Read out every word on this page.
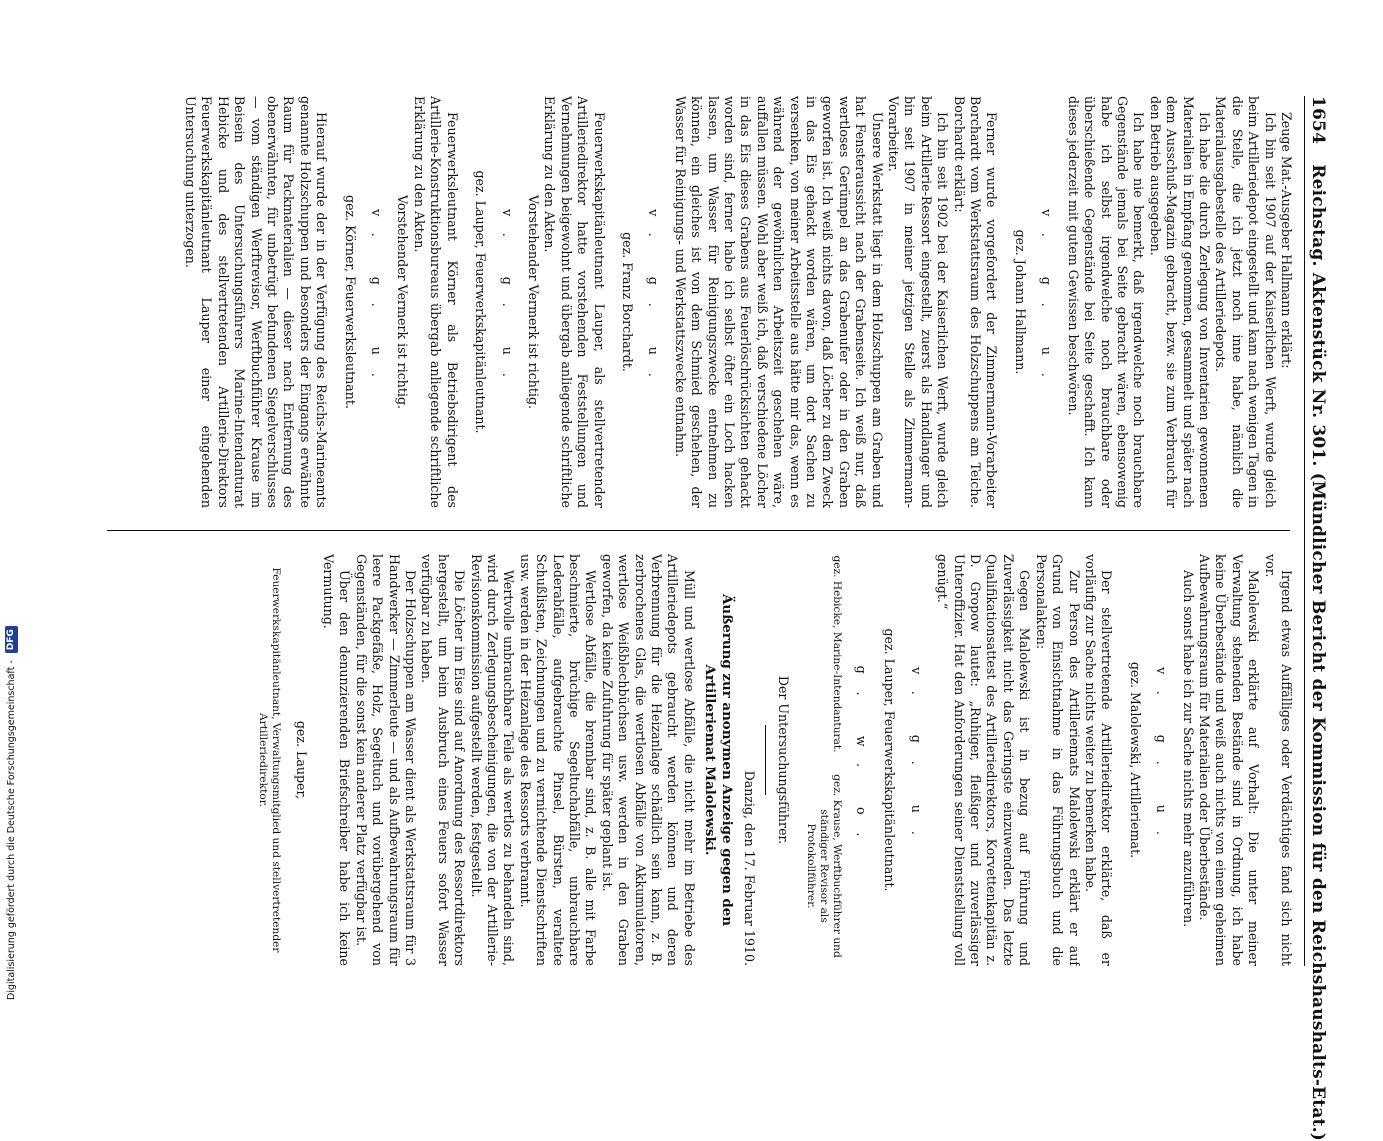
1654 Reichstag. Aktenstück Nr. 301. (Mündlicher Bericht der Kommission für den Reichshaushalts-Etat.)

Zeuge Mat.-Ausgeber Hallmann erklärt:

Ich bin seit 1907 auf der Kaiserlichen Werft, wurde gleich beim Artilleriedepot eingestellt und kam nach wenigen Tagen in die Stelle, die ich jetzt noch inne habe, nämlich die Materialausgabestelle des Artilleriedepots.

Ich habe die durch Zerlegung von Inventarien gewonnenen Materialien in Empfang genommen, gesammelt und später nach dem Ausschuß-Magazin gebracht, bezw. sie zum Verbrauch für den Betrieb ausgegeben.

Ich habe nie bemerkt, daß irgendwelche noch brauchbare Gegenstände jemals bei Seite gebracht wären, ebensowenig habe ich selbst irgendwelche noch brauchbare oder überschießende Gegenstände bei Seite geschafft. Ich kann dieses jederzeit mit gutem Gewissen beschwören.

v. g. u.

gez. Johann Hallmann.

Ferner wurde vorgefordert der Zimmermann-Vorarbeiter Borchardt vom Werkstattsraum des Holzschuppens am Teiche. Borchardt erklärt:

Ich bin seit 1902 bei der Kaiserlichen Werft, wurde gleich beim Artillerie-Ressort eingestellt, zuerst als Handlanger und bin seit 1907 in meiner jetzigen Stelle als Zimmermann-Vorarbeiter.

Unsere Werkstatt liegt in dem Holzschuppen am Graben und hat Fensteraussicht nach der Grabenseite. Ich weiß nur, daß wertloses Gerümpel an das Grabenufer oder in den Graben geworfen ist. Ich weiß nichts davon, daß Löcher zu dem Zweck in das Eis gehackt worden wären, um dort Sachen zu versenken, von meiner Arbeitsstelle aus hätte mir das, wenn es während der gewöhnlichen Arbeitszeit geschehen wäre, auffallen müssen. Wohl aber weiß ich, daß verschiedene Löcher in das Eis dieses Grabens aus Feuerlöschrücksichten gehackt worden sind, ferner habe ich selbst öfter ein Loch hacken lassen, um Wasser für Reinigungszwecke entnehmen zu können, ein gleiches ist von dem Schmied geschehen, der Wasser für Reinigungs- und Werkstattszwecke entnahm.

v. g. u.

gez. Franz Borchardt.

Feuerwerkskapitänleutnant Lauper, als stellvertretender Artilleriedirektor hatte vorstehenden Feststellungen und Vernehmungen beigewohnt und übergab anliegende schriftliche Erklärung zu den Akten.

Vorstehender Vermerk ist richtig.

v. g. u.

gez. Lauper, Feuerwerkskapitänleutnant.

Feuerwerksleutnant Körner als Betriebsdirigent des Artillerie-Konstruktionsbureaus übergab anliegende schriftliche Erklärung zu den Akten.

Vorstehender Vermerk ist richtig.

v. g. u.

gez. Körner, Feuerwerksleutnant.

Hierauf wurde der in der Verfügung des Reichs-Marineamts genannte Holzschuppen und besonders der Eingangs erwähnte Raum für Packmaterialien — dieser nach Entfernung des obenerwähnten, für unbetrügt befundenen Siegelverschlusses — vom ständigen Werftrevisor, Werftbuchführer Krause im Beisein des Untersuchungsführers Marine-Intendanturat Hebicke und des stellvertretenden Artillerie-Direktors Feuerwerkskapitänleutnant Lauper einer eingehenden Untersuchung unterzogen.

Irgend etwas Auffälliges oder Verdächtiges fand sich nicht vor.

Malolewski erklärte auf Vorhalt: Die unter meiner Verwaltung stehenden Bestände sind in Ordnung, ich habe keine Überbestände und weiß auch nichts von einem geheimen Aufbewahrungsraum für Materialien oder Überbestände.

Auch sonst habe ich zur Sache nichts mehr anzuführen.

v. g. u.

gez. Malolewski, Artilleriemat.

Der stellvertretende Artilleriedirektor erklärte, daß er vorläufig zur Sache nichts weiter zu bemerken habe.

Zur Person des Artilleriemats Malolewski erklärt er auf Grund von Einsichtnahme in das Führungsbuch und die Personalakten:

Gegen Malolewski ist in bezug auf Führung und Zuverlässigkeit nicht das Geringste einzuwenden. Das letzte Qualifikationsattest des Artilleriedirektors, Korvettenkapitän z. D. Gropow lautet: „Ruhiger, fleißiger und zuverlässiger Unteroffizier. Hat den Anforderungen seiner Dienststellung voll genügt.“

v. g. u.

gez. Lauper, Feuerwerkskapitänleutnant.

g. w. o.

gez. Hebicke, Marine-Intendanturat.
gez. Krause, Werftbuchführer und ständiger Revisor als Protokollführer.

Der Untersuchungsführer.

Danzig, den 17. Februar 1910.

Äußerung zur anonymen Anzeige gegen den Artilleriemat Malolewski.

Müll und wertlose Abfälle, die nicht mehr im Betriebe des Artilleriedepots gebraucht werden können und deren Verbrennung für die Heizanlage schädlich sein kann, z. B. zerbrochenes Glas, die wertlosen Abfälle von Akkumulatoren, wertlose Weißblechbüchsen usw. werden in den Graben geworfen, da keine Zufuhrung für später geplant ist.

Wertlose Abfälle, die brennbar sind, z. B. alle mit Farbe beschmierte, brüchige Segeltuchabfälle, unbrauchbare Lederabfälle, aufgebrauchte Pinsel, Bürsten, veraltete Schußlisten, Zeichnungen und zu vernichtende Dienstschriften usw. werden in der Heizanlage des Ressorts verbrannt.

Wertvolle unbrauchbare Teile als wertlos zu behandeln sind, wird durch Zerlegungsbescheinigungen, die von der Artillerie-Revisionskommission aufgestellt werden, festgestellt.

Die Löcher im Eise sind auf Anordnung des Ressortdirektors hergestellt, um beim Ausbruch eines Feuers sofort Wasser verfügbar zu haben.

Der Holzschuppen am Wasser dient als Werkstattsraum für 3 Handwerker — Zimmerleute — und als Aufbewahrungsraum für leere Packgefäße, Holz, Segeltuch und vorübergehend von Gegenständen, für die sonst kein anderer Platz verfügbar ist.

Über den denunzierenden Briefschreiber habe ich keine Vermutung.

gez. Lauper,

Feuerwerkskapitänleutnant, Verwaltungsmitglied und stellvertretender Artilleriedirektor.

Digitalisierung gefördert durch die Deutsche Forschungsgemeinschaft - DFG
